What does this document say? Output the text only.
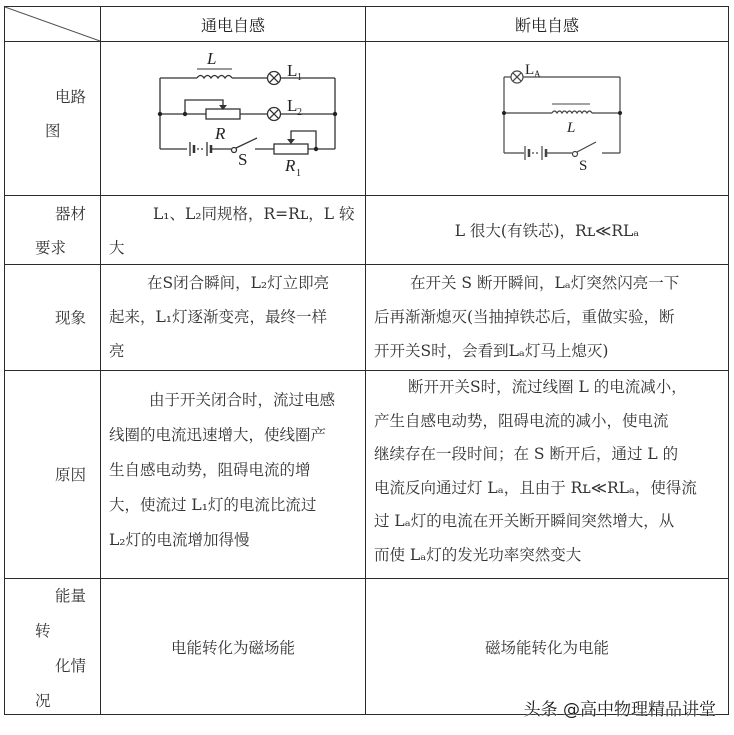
通电自感	断电自感
电路
图
L
L 1
L 2
R
S R 1
L A
L
S
器材
要求
L₁、L₂同规格，R=Rʟ，L 较
大
L 很大(有铁芯)，Rʟ≪RLₐ
现象
在S闭合瞬间，L₂灯立即亮
起来，L₁灯逐渐变亮，最终一样
亮
在开关 S 断开瞬间，Lₐ灯突然闪亮一下
后再渐渐熄灭(当抽掉铁芯后，重做实验，断
开开关S时，会看到Lₐ灯马上熄灭)
原因
由于开关闭合时，流过电感
线圈的电流迅速增大，使线圈产
生自感电动势，阻碍电流的增
大，使流过 L₁灯的电流比流过
L₂灯的电流增加得慢
断开开关S时，流过线圈 L 的电流减小，
产生自感电动势，阻碍电流的减小，使电流
继续存在一段时间；在 S 断开后，通过 L 的
电流反向通过灯 Lₐ，且由于 Rʟ≪RLₐ，使得流
过 Lₐ灯的电流在开关断开瞬间突然增大，从
而使 Lₐ灯的发光功率突然变大
能量
转
化情
况
电能转化为磁场能	磁场能转化为电能
头条 @高中物理精品讲堂
